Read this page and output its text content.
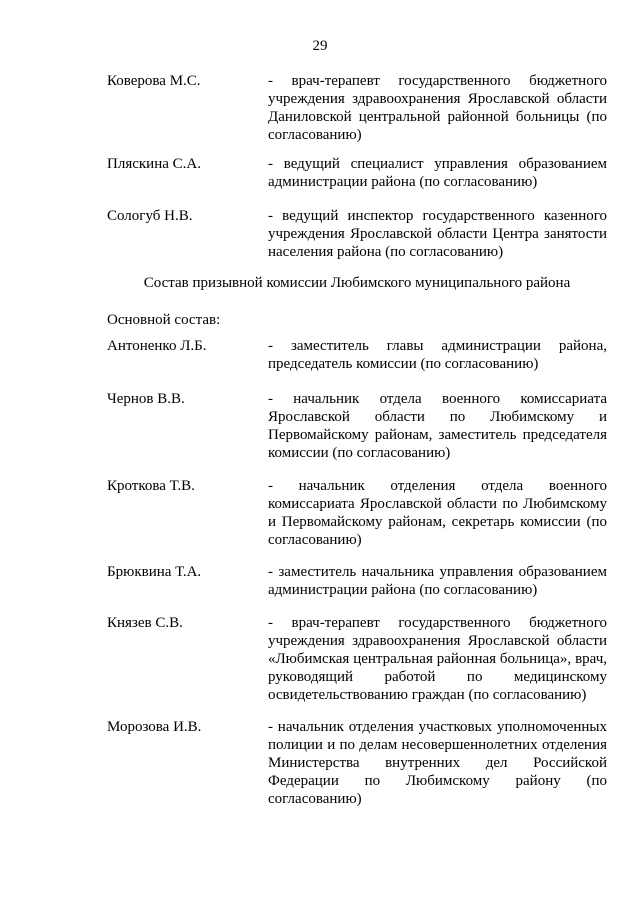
29
Коверова М.С.	- врач-терапевт государственного бюджетного учреждения здравоохранения Ярославской области Даниловской центральной районной больницы (по согласованию)
Пляскина С.А.	- ведущий специалист управления образованием администрации района (по согласованию)
Сологуб Н.В.	- ведущий инспектор государственного казенного учреждения Ярославской области Центра занятости населения района (по согласованию)
Состав призывной комиссии Любимского муниципального района
Основной состав:
Антоненко Л.Б.	- заместитель главы администрации района, председатель комиссии (по согласованию)
Чернов В.В.	- начальник отдела военного комиссариата Ярославской области по Любимскому и Первомайскому районам, заместитель председателя комиссии (по согласованию)
Кроткова Т.В.	- начальник отделения отдела военного комиссариата Ярославской области по Любимскому и Первомайскому районам, секретарь комиссии (по согласованию)
Брюквина Т.А.	- заместитель начальника управления образованием администрации района (по согласованию)
Князев С.В.	- врач-терапевт государственного бюджетного учреждения здравоохранения Ярославской области «Любимская центральная районная больница», врач, руководящий работой по медицинскому освидетельствованию граждан (по согласованию)
Морозова И.В.	- начальник отделения участковых уполномоченных полиции и по делам несовершеннолетних отделения Министерства внутренних дел Российской Федерации по Любимскому району (по согласованию)
